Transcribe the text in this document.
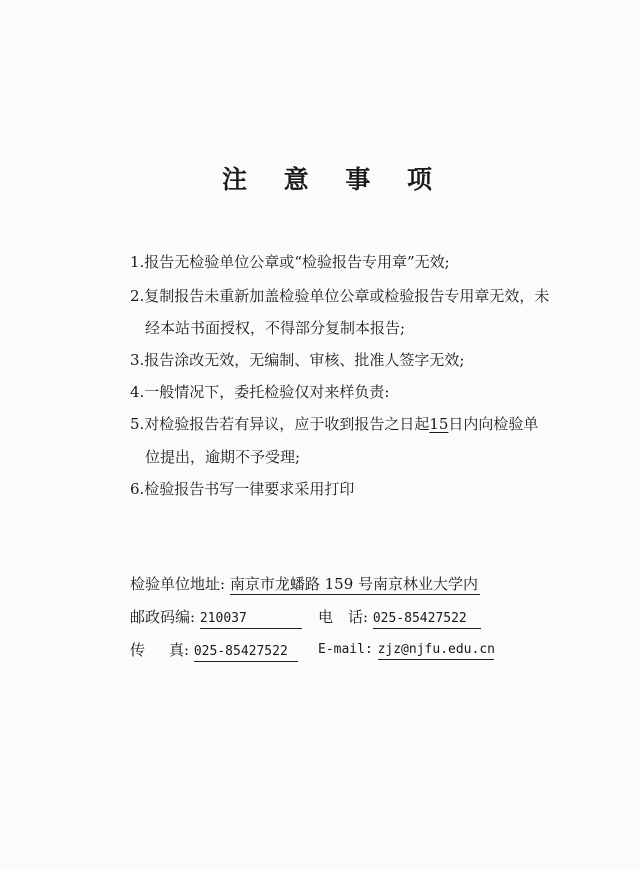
注 意 事 项
1.报告无检验单位公章或“检验报告专用章”无效;
2.复制报告未重新加盖检验单位公章或检验报告专用章无效，未
经本站书面授权，不得部分复制本报告;
3.报告涂改无效，无编制、审核、批准人签字无效;
4.一般情况下，委托检验仅对来样负责:
5.对检验报告若有异议，应于收到报告之日起15日内向检验单
位提出，逾期不予受理;
6.检验报告书写一律要求采用打印
检验单位地址: 南京市龙蟠路 159 号南京林业大学内
邮政码编: 210037	电　话: 025-85427522
传 真: 025-85427522	E-mail: zjz@njfu.edu.cn
